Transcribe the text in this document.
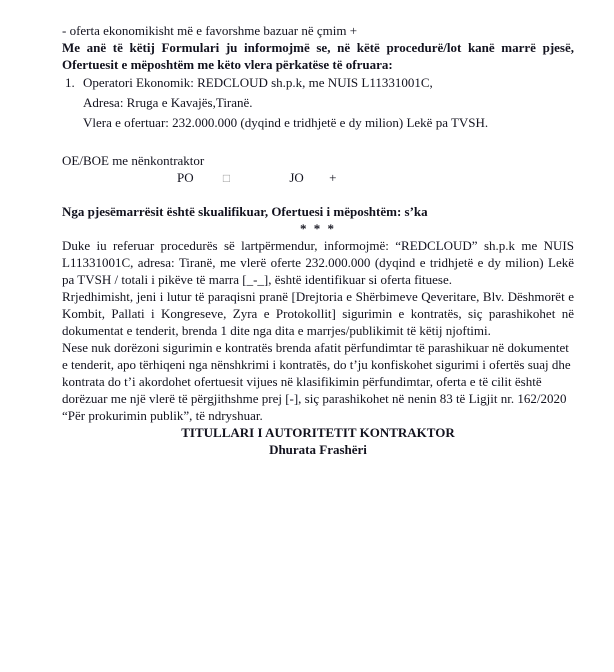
- oferta ekonomikisht më e favorshme bazuar në çmim +

Me anë të këtij Formulari ju informojmë se, në këtë procedurë/lot kanë marrë pjesë, Ofertuesit e mëposhtëm me këto vlera përkatëse të ofruara:

1. Operatori Ekonomik: REDCLOUD sh.p.k, me NUIS L11331001C,
Adresa: Rruga e Kavajës,Tiranë.
Vlera e ofertuar: 232.000.000 (dyqind e tridhjetë e dy milion) Lekë pa TVSH.

OE/BOE me nënkontraktor

PO □	JO +

Nga pjesëmarrësit është skualifikuar, Ofertuesi i mëposhtëm: s’ka

* * *

Duke iu referuar procedurës së lartpërmendur, informojmë: “REDCLOUD” sh.p.k me NUIS L11331001C, adresa: Tiranë, me vlerë oferte 232.000.000 (dyqind e tridhjetë e dy milion) Lekë pa TVSH / totali i pikëve të marra [_-_], është identifikuar si oferta fituese.

Rrjedhimisht, jeni i lutur të paraqisni pranë [Drejtoria e Shërbimeve Qeveritare, Blv. Dëshmorët e Kombit, Pallati i Kongreseve, Zyra e Protokollit] sigurimin e kontratës, siç parashikohet në dokumentat e tenderit, brenda 1 dite nga dita e marrjes/publikimit të këtij njoftimi.

Nese nuk dorëzoni sigurimin e kontratës brenda afatit përfundimtar të parashikuar në dokumentet e tenderit, apo tërhiqeni nga nënshkrimi i kontratës, do t’ju konfiskohet sigurimi i ofertës suaj dhe kontrata do t’i akordohet ofertuesit vijues në klasifikimin përfundimtar, oferta e të cilit është dorëzuar me një vlerë të përgjithshme prej [-], siç parashikohet në nenin 83 të Ligjit nr. 162/2020 “Për prokurimin publik”, të ndryshuar.

TITULLARI I AUTORITETIT KONTRAKTOR
Dhurata Frashëri
